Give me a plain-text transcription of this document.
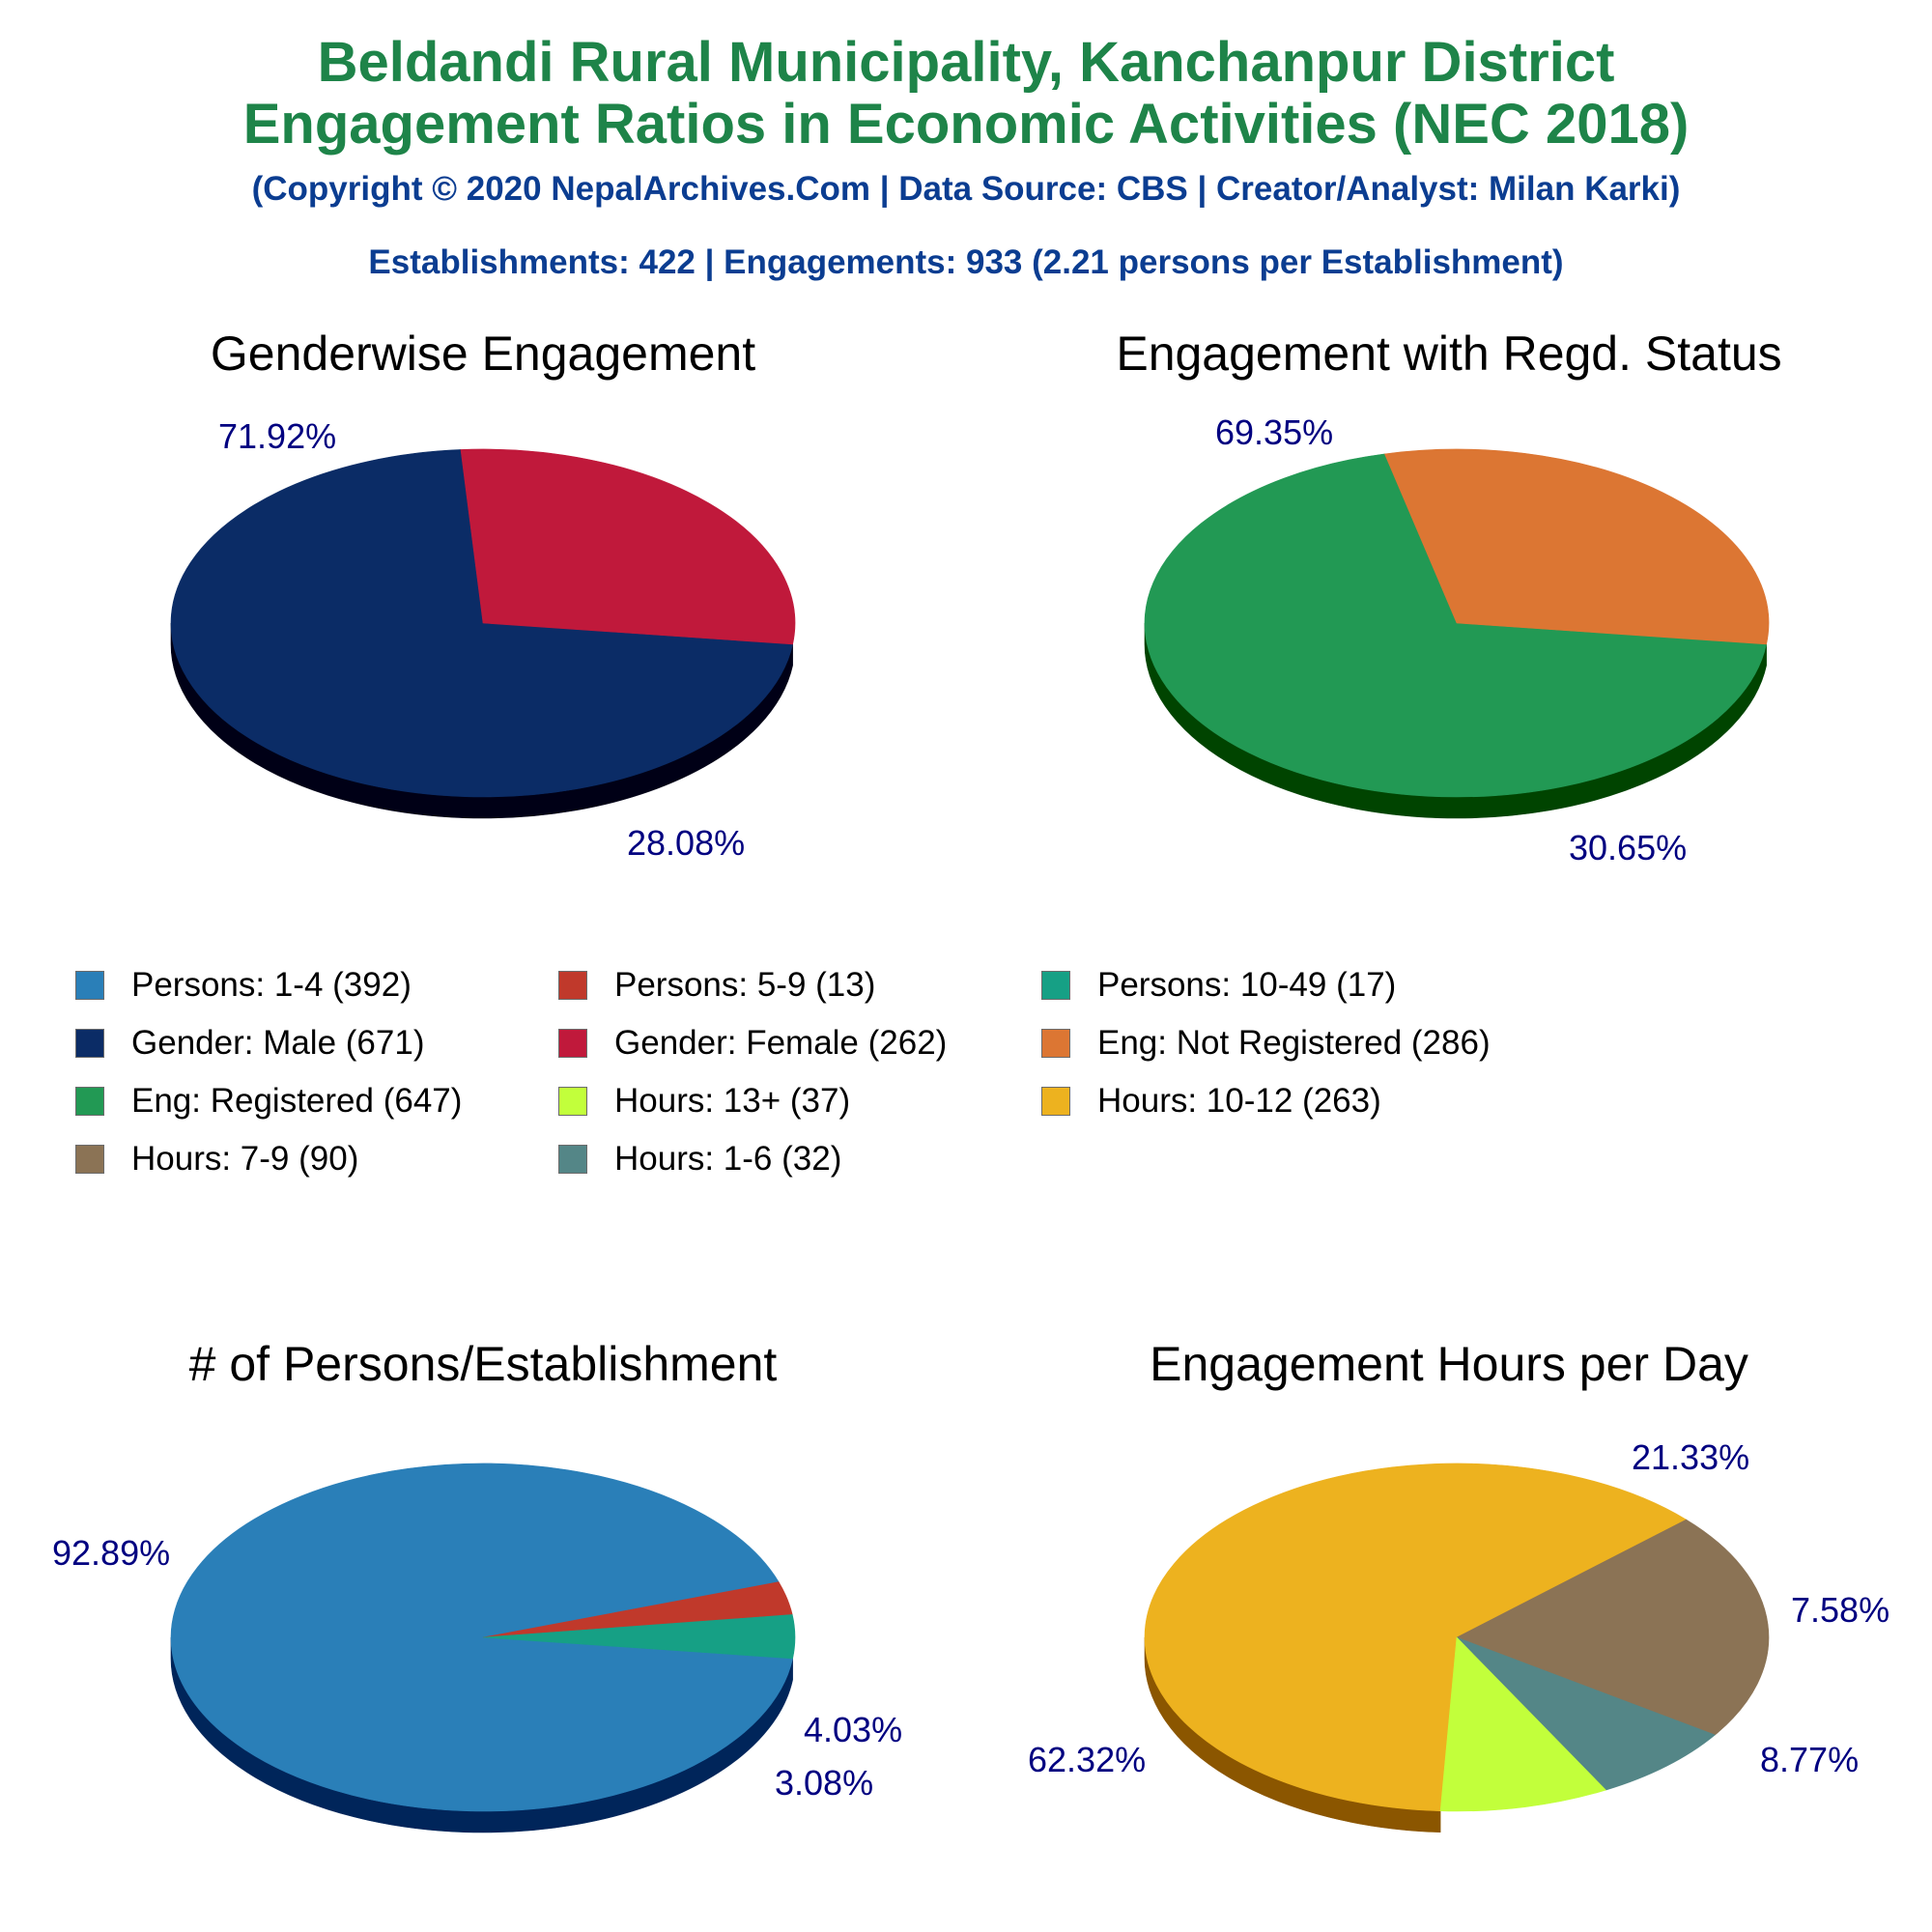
Beldandi Rural Municipality, Kanchanpur District
Engagement Ratios in Economic Activities (NEC 2018)
(Copyright © 2020 NepalArchives.Com | Data Source: CBS | Creator/Analyst: Milan Karki)
Establishments: 422 | Engagements: 933 (2.21 persons per Establishment)
Genderwise Engagement	Engagement with Regd. Status
# of Persons/Establishment	Engagement Hours per Day
71.92%
28.08%
69.35%
30.65%
92.89%
3.08%
4.03%
62.32%
21.33%
7.58%
8.77%
Persons: 1-4 (392)	Persons: 5-9 (13)	Persons: 10-49 (17)
Gender: Male (671)	Gender: Female (262)	Eng: Not Registered (286)
Eng: Registered (647)	Hours: 13+ (37)	Hours: 10-12 (263)
Hours: 7-9 (90)	Hours: 1-6 (32)
